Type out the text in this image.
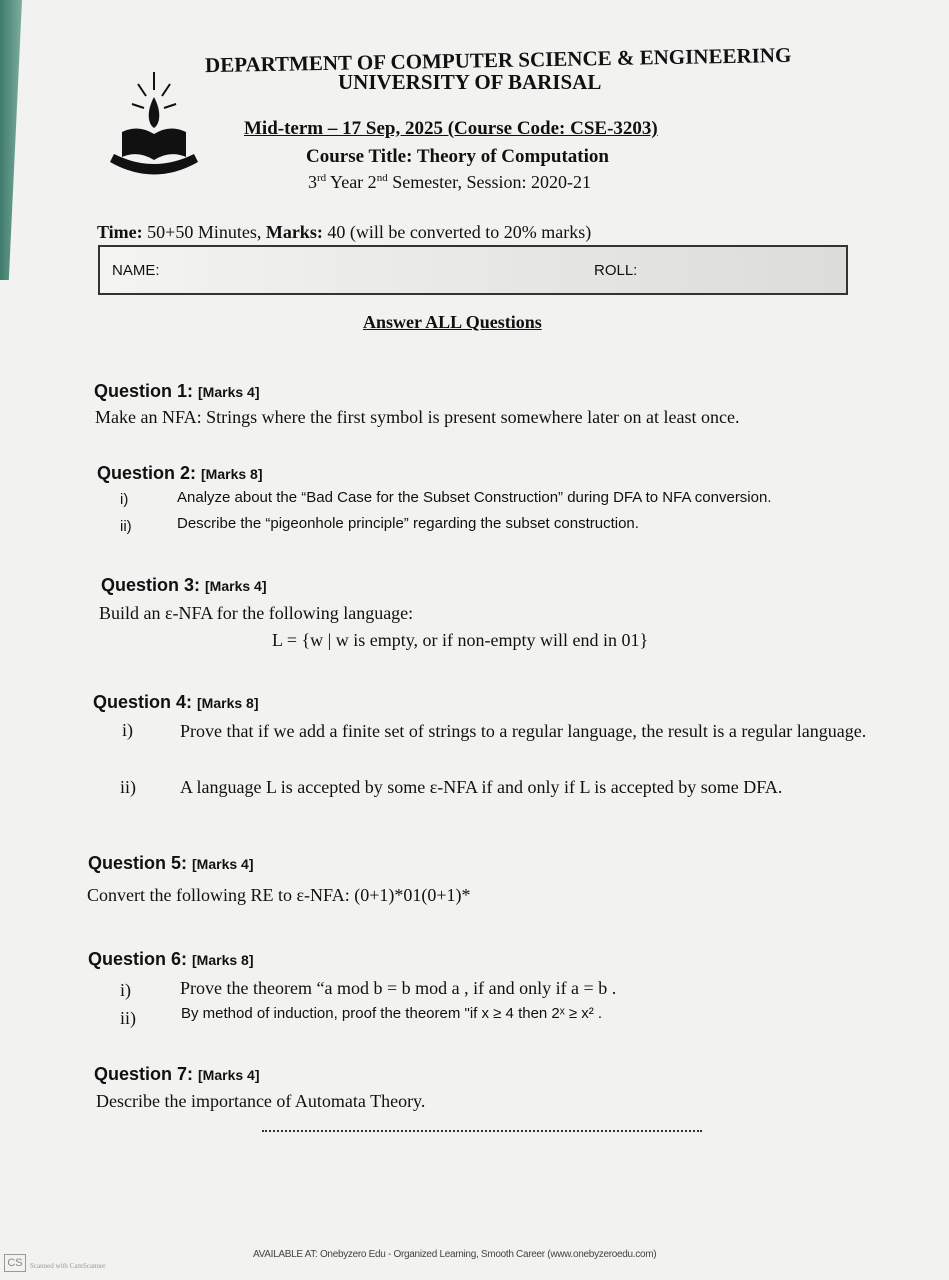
DEPARTMENT OF COMPUTER SCIENCE & ENGINEERING
UNIVERSITY OF BARISAL
Mid-term – 17 Sep, 2025 (Course Code: CSE-3203)
Course Title: Theory of Computation
3rd Year 2nd Semester, Session: 2020-21
Time: 50+50 Minutes, Marks: 40 (will be converted to 20% marks)
NAME:	ROLL:
Answer ALL Questions
Question 1: [Marks 4]
Make an NFA: Strings where the first symbol is present somewhere later on at least once.
Question 2: [Marks 8]
i)	Analyze about the “Bad Case for the Subset Construction” during DFA to NFA conversion.
ii)	Describe the “pigeonhole principle” regarding the subset construction.
Question 3: [Marks 4]
Build an ε-NFA for the following language:
L = {w | w is empty, or if non-empty will end in 01}
Question 4: [Marks 8]
i)	Prove that if we add a finite set of strings to a regular language, the result is a regular language.
ii) A language L is accepted by some ε-NFA if and only if L is accepted by some DFA.
Question 5: [Marks 4]
Convert the following RE to ε-NFA: (0+1)*01(0+1)*
Question 6: [Marks 8]
i)	Prove the theorem “a mod b = b mod a , if and only if a = b .
ii)	By method of induction, proof the theorem "if x ≥ 4 then 2ˣ ≥ x² .
Question 7: [Marks 4]
Describe the importance of Automata Theory.
AVAILABLE AT: Onebyzero Edu - Organized Learning, Smooth Career (www.onebyzeroedu.com)
CS	Scanned with CamScanner
